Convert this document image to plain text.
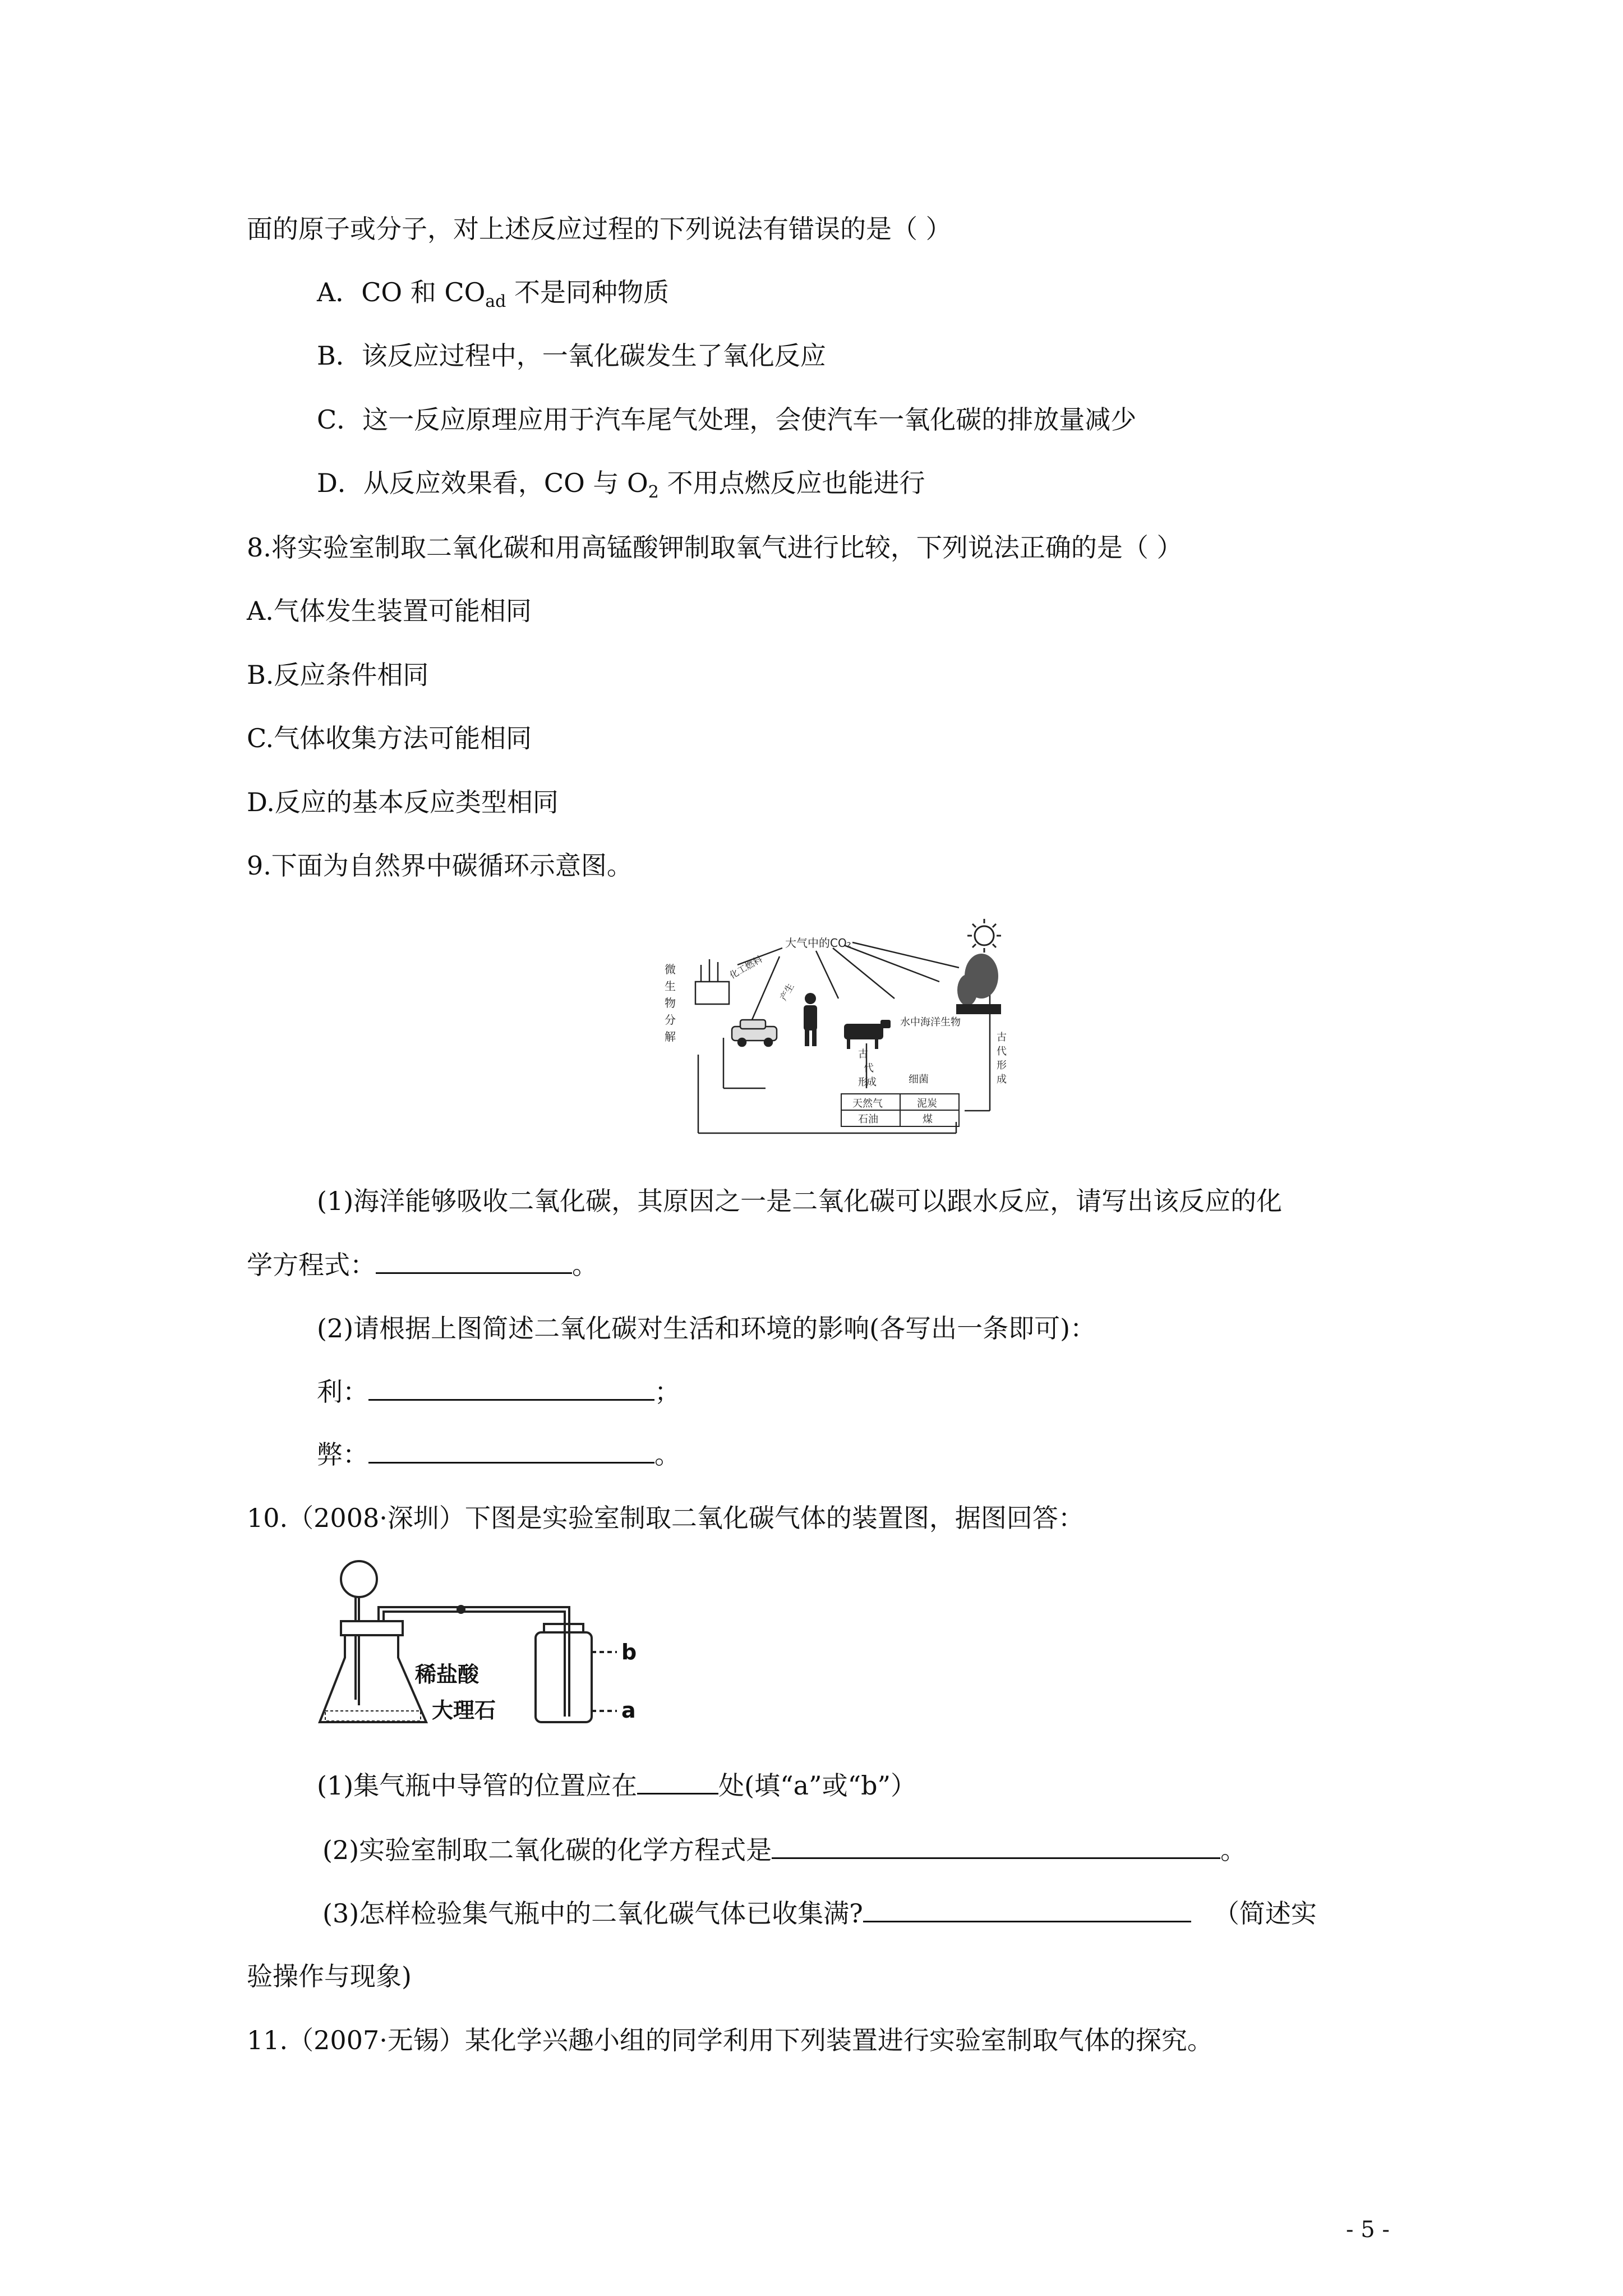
面的原子或分子，对上述反应过程的下列说法有错误的是（ ）
A．CO 和 $CO_{ad}$ 不是同种物质
B．该反应过程中，一氧化碳发生了氧化反应
C．这一反应原理应用于汽车尾气处理，会使汽车一氧化碳的排放量减少
D．从反应效果看，CO 与 $O_2$ 不用点燃反应也能进行
8.将实验室制取二氧化碳和用高锰酸钾制取氧气进行比较，下列说法正确的是（ ）
A.气体发生装置可能相同
B.反应条件相同
C.气体收集方法可能相同
D.反应的基本反应类型相同
9.下面为自然界中碳循环示意图。
大气中的CO₂
化工燃料
产生
微生物分解
水中海洋生物
古代形成
古代形成
细菌
天然气	泥炭
石油	煤
(1)海洋能够吸收二氧化碳，其原因之一是二氧化碳可以跟水反应，请写出该反应的化
学方程式：	。
(2)请根据上图简述二氧化碳对生活和环境的影响(各写出一条即可)：
利：	；
弊：	。
10.（2008·深圳）下图是实验室制取二氧化碳气体的装置图，据图回答：
稀盐酸
大理石
b
a
(1)集气瓶中导管的位置应在	处(填“a”或“b”）
(2)实验室制取二氧化碳的化学方程式是	。
(3)怎样检验集气瓶中的二氧化碳气体已收集满?	（简述实
验操作与现象)
11.（2007·无锡）某化学兴趣小组的同学利用下列装置进行实验室制取气体的探究。
- 5 -
